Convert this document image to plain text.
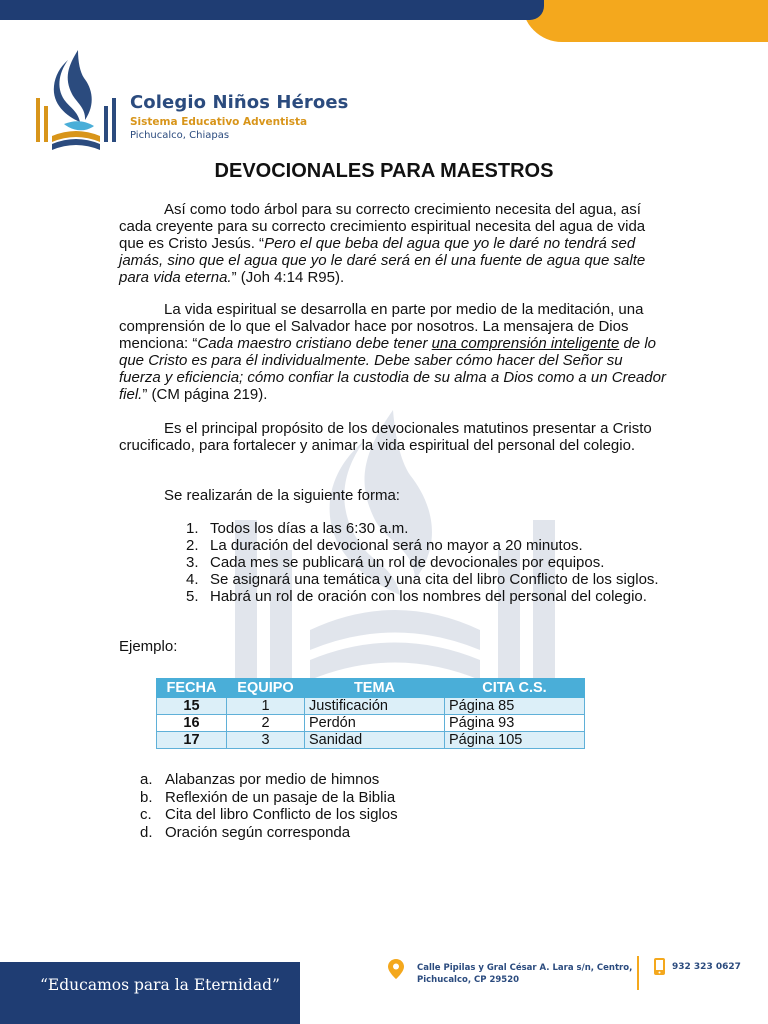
Colegio Niños Héroes
Sistema Educativo Adventista
Pichucalco, Chiapas
DEVOCIONALES PARA MAESTROS
Así como todo árbol para su correcto crecimiento necesita del agua, así cada creyente para su correcto crecimiento espiritual necesita del agua de vida que es Cristo Jesús. “Pero el que beba del agua que yo le daré no tendrá sed jamás, sino que el agua que yo le daré será en él una fuente de agua que salte para vida eterna.” (Joh 4:14 R95).
La vida espiritual se desarrolla en parte por medio de la meditación, una comprensión de lo que el Salvador hace por nosotros. La mensajera de Dios menciona: “Cada maestro cristiano debe tener una comprensión inteligente de lo que Cristo es para él individualmente. Debe saber cómo hacer del Señor su fuerza y eficiencia; cómo confiar la custodia de su alma a Dios como a un Creador fiel.” (CM página 219).
Es el principal propósito de los devocionales matutinos presentar a Cristo crucificado, para fortalecer y animar la vida espiritual del personal del colegio.
Se realizarán de la siguiente forma:
1. Todos los días a las 6:30 a.m.
2. La duración del devocional será no mayor a 20 minutos.
3. Cada mes se publicará un rol de devocionales por equipos.
4. Se asignará una temática y una cita del libro Conflicto de los siglos.
5. Habrá un rol de oración con los nombres del personal del colegio.
Ejemplo:
FECHA	EQUIPO	TEMA	CITA C.S.
15	1	Justificación	Página 85
16	2	Perdón	Página 93
17	3	Sanidad	Página 105
a. Alabanzas por medio de himnos
b. Reflexión de un pasaje de la Biblia
c. Cita del libro Conflicto de los siglos
d. Oración según corresponda
“Educamos para la Eternidad”
Calle Pipilas y Gral César A. Lara s/n, Centro,
Pichucalco, CP 29520
932 323 0627
